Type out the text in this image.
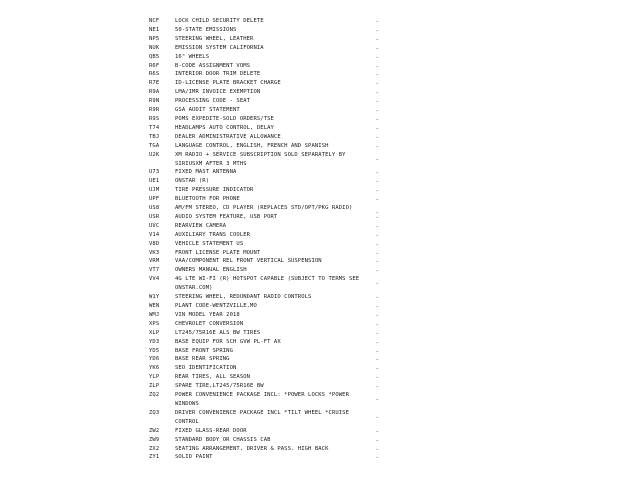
NCF	LOCK CHILD SECURITY DELETE	-
NE1	50-STATE EMISSIONS	-
NP5	STEERING WHEEL, LEATHER	-
NUK	EMISSION SYSTEM CALIFORNIA	-
QB5	16" WHEELS	-
R6F	B-CODE ASSIGNMENT VOMS	-
R6S	INTERIOR DOOR TRIM DELETE	-
R7E	ID-LICENSE PLATE BRACKET CHARGE	-
R9A	LMA/IMR INVOICE EXEMPTION	-
R9N	PROCESSING CODE - SEAT	-
R9R	GSA AUDIT STATEMENT	-
R9S	POMS EXPEDITE-SOLD ORDERS/TSE	-
T74	HEADLAMPS AUTO CONTROL, DELAY	-
TBJ	DEALER ADMINISTRATIVE ALLOWANCE	-
TGA	LANGUAGE CONTROL, ENGLISH, FRENCH AND SPANISH	-
U2K	XM RADIO + SERVICE SUBSCRIPTION SOLD SEPARATELY BY SIRIUSXM AFTER 3 MTHS
-
U73	FIXED MAST ANTENNA	-
UE1	ONSTAR (R)	-
UJM	TIRE PRESSURE INDICATOR	-
UPF	BLUETOOTH FOR PHONE	-
US8	AM/FM STEREO, CD PLAYER (REPLACES STD/OPT/PKG RADIO)
-
USR	AUDIO SYSTEM FEATURE, USB PORT	-
UVC	REARVIEW CAMERA	-
V14	AUXILIARY TRANS COOLER	-
V8D	VEHICLE STATEMENT US	-
VK3	FRONT LICENSE PLATE MOUNT	-
VRM	VAA/COMPONENT REL FRONT VERTICAL SUSPENSION	-
VT7	OWNERS MANUAL ENGLISH	-
VV4	4G LTE WI-FI (R) HOTSPOT CAPABLE (SUBJECT TO TERMS SEE ONSTAR.COM)
-
W1Y	STEERING WHEEL, REDUNDANT RADIO CONTROLS	-
WEN	PLANT CODE-WENTZVILLE,MO	-
WMJ	VIN MODEL YEAR 2018	-
XPS	CHEVROLET CONVERSION	-
XLP	LT245/75R16E ALS BW TIRES	-
YD3	BASE EQUIP FOR SCH GVW PL-FT AX	-
YD5	BASE FRONT SPRING	-
YD6	BASE REAR SPRING	-
YK6	SEO IDENTIFICATION	-
YLP	REAR TIRES, ALL SEASON	-
ZLP	SPARE TIRE,LT245/75R16E BW	-
ZQ2	POWER CONVENIENCE PACKAGE INCL: *POWER LOCKS *POWER WINDOWS
-
ZQ3	DRIVER CONVENIENCE PACKAGE INCL *TILT WHEEL *CRUISE CONTROL
-
ZW2	FIXED GLASS-REAR DOOR	-
ZW9	STANDARD BODY OR CHASSIS CAB	-
ZX2	SEATING ARRANGEMENT, DRIVER & PASS. HIGH BACK	-
ZY1	SOLID PAINT	-
